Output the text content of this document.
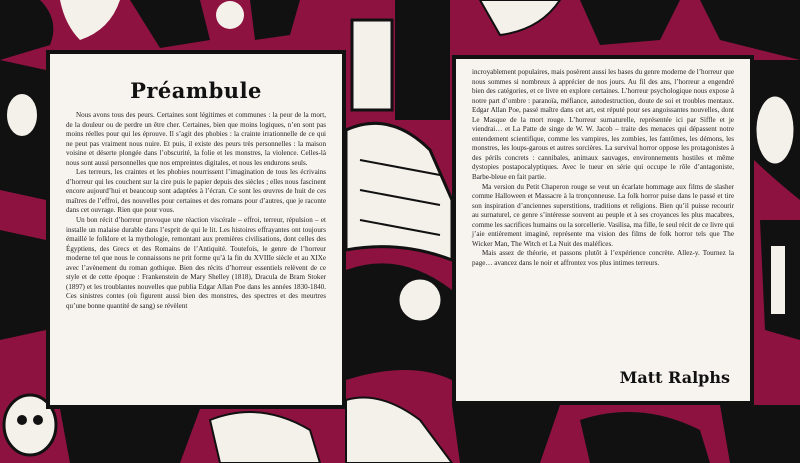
Préambule

Nous avons tous des peurs. Certaines sont légitimes et communes : la peur de la mort, de la douleur ou de perdre un être cher. Certaines, bien que moins logiques, n’en sont pas moins réelles pour qui les éprouve. Il s’agit des phobies : la crainte irrationnelle de ce qui ne peut pas vraiment nous nuire. Et puis, il existe des peurs très personnelles : la maison voisine et déserte plongée dans l’obscurité, la folie et les monstres, la violence. Celles-là nous sont aussi personnelles que nos empreintes digitales, et nous les endurons seuls.

Les terreurs, les craintes et les phobies nourrissent l’imagination de tous les écrivains d’horreur qui les couchent sur la cire puis le papier depuis des siècles ; elles nous fascinent encore aujourd’hui et beaucoup sont adaptées à l’écran. Ce sont les œuvres de huit de ces maîtres de l’effroi, des nouvelles pour certaines et des romans pour d’autres, que je raconte dans cet ouvrage. Rien que pour vous.

Un bon récit d’horreur provoque une réaction viscérale – effroi, terreur, répulsion – et installe un malaise durable dans l’esprit de qui le lit. Les histoires effrayantes ont toujours émaillé le folklore et la mythologie, remontant aux premières civilisations, dont celles des Égyptiens, des Grecs et des Romains de l’Antiquité. Toutefois, le genre de l’horreur moderne tel que nous le connaissons ne prit forme qu’à la fin du XVIIIe siècle et au XIXe avec l’avènement du roman gothique. Bien des récits d’horreur essentiels relèvent de ce style et de cette époque : Frankenstein de Mary Shelley (1818), Dracula de Bram Stoker (1897) et les troublantes nouvelles que publia Edgar Allan Poe dans les années 1830-1840. Ces sinistres contes (où figurent aussi bien des monstres, des spectres et des meurtres qu’une bonne quantité de sang) se révèlent

incroyablement populaires, mais posèrent aussi les bases du genre moderne de l’horreur que nous sommes si nombreux à apprécier de nos jours. Au fil des ans, l’horreur a engendré bien des catégories, et ce livre en explore certaines. L’horreur psychologique nous expose à notre part d’ombre : paranoïa, méfiance, autodestruction, doute de soi et troubles mentaux. Edgar Allan Poe, passé maître dans cet art, est réputé pour ses angoissantes nouvelles, dont Le Masque de la mort rouge. L’horreur surnaturelle, représentée ici par Siffle et je viendrai… et La Patte de singe de W. W. Jacob – traite des menaces qui dépassent notre entendement scientifique, comme les vampires, les zombies, les fantômes, les démons, les monstres, les loups-garous et autres sorcières. La survival horror oppose les protagonistes à des périls concrets : cannibales, animaux sauvages, environnements hostiles et même dystopies postapocalyptiques. Avec le tueur en série qui occupe le rôle d’antagoniste, Barbe-bleue en fait partie.

Ma version du Petit Chaperon rouge se veut un écarlate hommage aux films de slasher comme Halloween et Massacre à la tronçonneuse. La folk horror puise dans le passé et tire son inspiration d’anciennes superstitions, traditions et religions. Bien qu’il puisse recourir au surnaturel, ce genre s’intéresse souvent au peuple et à ses croyances les plus macabres, comme les sacrifices humains ou la sorcellerie. Vasilisa, ma fille, le seul récit de ce livre qui j’aie entièrement imaginé, représente ma vision des films de folk horror tels que The Wicker Man, The Witch et La Nuit des maléfices.

Mais assez de théorie, et passons plutôt à l’expérience concrète. Allez-y. Tournez la page… avancez dans le noir et affrontez vos plus intimes terreurs.

Matt Ralphs
